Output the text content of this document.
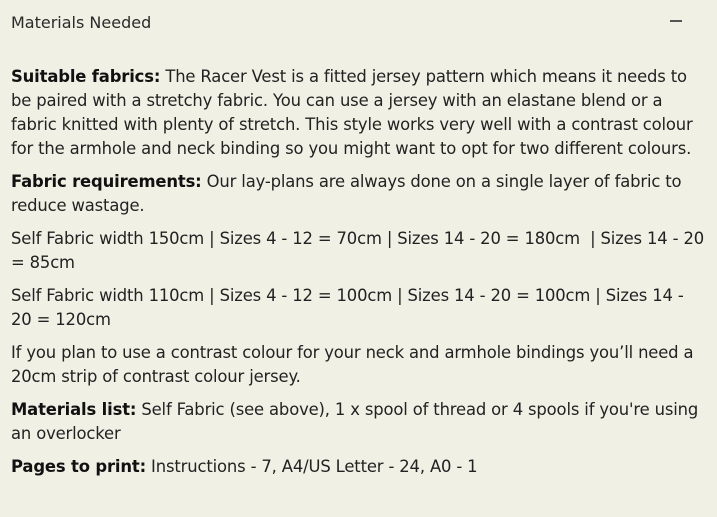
Materials Needed

Suitable fabrics: The Racer Vest is a fitted jersey pattern which means it needs to be paired with a stretchy fabric. You can use a jersey with an elastane blend or a fabric knitted with plenty of stretch. This style works very well with a contrast colour for the armhole and neck binding so you might want to opt for two different colours.

Fabric requirements: Our lay-plans are always done on a single layer of fabric to reduce wastage.

Self Fabric width 150cm | Sizes 4 - 12 = 70cm | Sizes 14 - 20 = 180cm  | Sizes 14 - 20 = 85cm

Self Fabric width 110cm | Sizes 4 - 12 = 100cm | Sizes 14 - 20 = 100cm | Sizes 14 - 20 = 120cm

If you plan to use a contrast colour for your neck and armhole bindings you’ll need a 20cm strip of contrast colour jersey.

Materials list: Self Fabric (see above), 1 x spool of thread or 4 spools if you're using an overlocker

Pages to print: Instructions - 7, A4/US Letter - 24, A0 - 1
